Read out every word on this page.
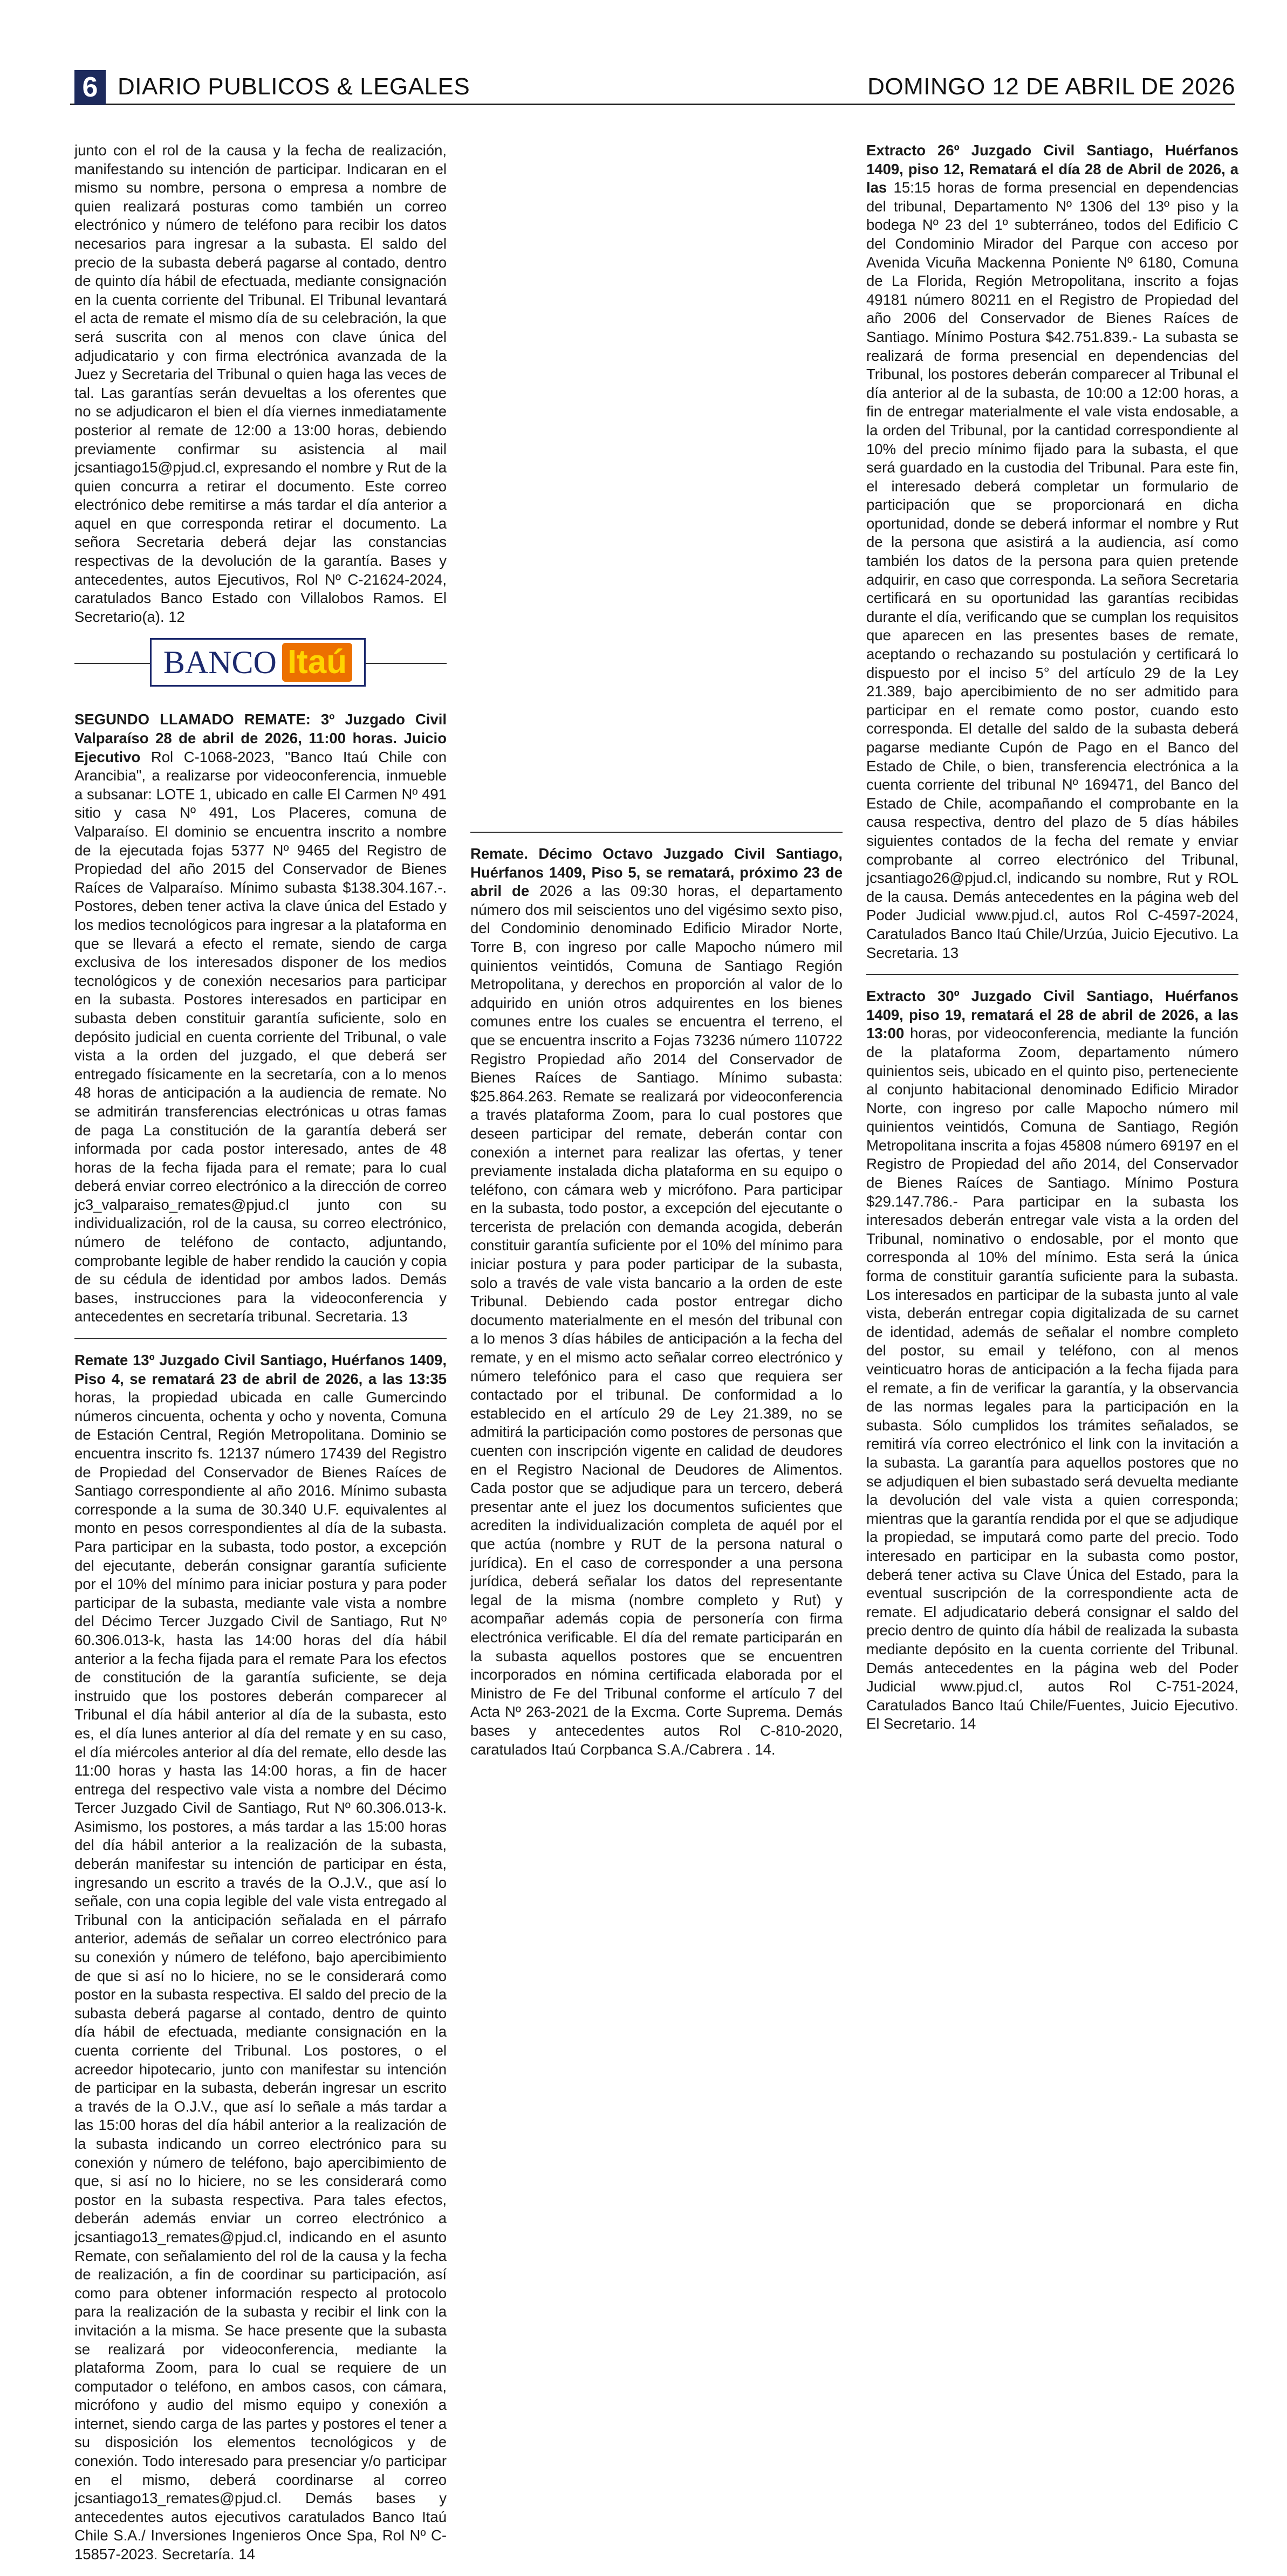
6 DIARIO PUBLICOS & LEGALES	DOMINGO 12 DE ABRIL DE 2026

junto con el rol de la causa y la fecha de realización, manifestando su intención de participar. Indicaran en el mismo su nombre, persona o empresa a nombre de quien realizará posturas como también un correo electrónico y número de teléfono para recibir los datos necesarios para ingresar a la subasta. El saldo del precio de la subasta deberá pagarse al contado, dentro de quinto día hábil de efectuada, mediante consignación en la cuenta corriente del Tribunal. El Tribunal levantará el acta de remate el mismo día de su celebración, la que será suscrita con al menos con clave única del adjudicatario y con firma electrónica avanzada de la Juez y Secretaria del Tribunal o quien haga las veces de tal. Las garantías serán devueltas a los oferentes que no se adjudicaron el bien el día viernes inmediatamente posterior al remate de 12:00 a 13:00 horas, debiendo previamente confirmar su asistencia al mail jcsantiago15@pjud.cl, expresando el nombre y Rut de la quien concurra a retirar el documento. Este correo electrónico debe remitirse a más tardar el día anterior a aquel en que corresponda retirar el documento. La señora Secretaria deberá dejar las constancias respectivas de la devolución de la garantía. Bases y antecedentes, autos Ejecutivos, Rol Nº C-21624-2024, caratulados Banco Estado con Villalobos Ramos. El Secretario(a). 12

BANCO Itaú

SEGUNDO LLAMADO REMATE: 3º Juzgado Civil Valparaíso 28 de abril de 2026, 11:00 horas. Juicio Ejecutivo Rol C-1068-2023, "Banco Itaú Chile con Arancibia", a realizarse por videoconferencia, inmueble a subsanar: LOTE 1, ubicado en calle El Carmen Nº 491 sitio y casa Nº 491, Los Placeres, comuna de Valparaíso. El dominio se encuentra inscrito a nombre de la ejecutada fojas 5377 Nº 9465 del Registro de Propiedad del año 2015 del Conservador de Bienes Raíces de Valparaíso. Mínimo subasta $138.304.167.-. Postores, deben tener activa la clave única del Estado y los medios tecnológicos para ingresar a la plataforma en que se llevará a efecto el remate, siendo de carga exclusiva de los interesados disponer de los medios tecnológicos y de conexión necesarios para participar en la subasta. Postores interesados en participar en subasta deben constituir garantía suficiente, solo en depósito judicial en cuenta corriente del Tribunal, o vale vista a la orden del juzgado, el que deberá ser entregado físicamente en la secretaría, con a lo menos 48 horas de anticipación a la audiencia de remate. No se admitirán transferencias electrónicas u otras famas de paga La constitución de la garantía deberá ser informada por cada postor interesado, antes de 48 horas de la fecha fijada para el remate; para lo cual deberá enviar correo electrónico a la dirección de correo jc3_valparaiso_remates@pjud.cl junto con su individualización, rol de la causa, su correo electrónico, número de teléfono de contacto, adjuntando, comprobante legible de haber rendido la caución y copia de su cédula de identidad por ambos lados. Demás bases, instrucciones para la videoconferencia y antecedentes en secretaría tribunal. Secretaria. 13

Remate 13º Juzgado Civil Santiago, Huérfanos 1409, Piso 4, se rematará 23 de abril de 2026, a las 13:35 horas, la propiedad ubicada en calle Gumercindo números cincuenta, ochenta y ocho y noventa, Comuna de Estación Central, Región Metropolitana. Dominio se encuentra inscrito fs. 12137 número 17439 del Registro de Propiedad del Conservador de Bienes Raíces de Santiago correspondiente al año 2016. Mínimo subasta corresponde a la suma de 30.340 U.F. equivalentes al monto en pesos correspondientes al día de la subasta. Para participar en la subasta, todo postor, a excepción del ejecutante, deberán consignar garantía suficiente por el 10% del mínimo para iniciar postura y para poder participar de la subasta, mediante vale vista a nombre del Décimo Tercer Juzgado Civil de Santiago, Rut Nº 60.306.013-k, hasta las 14:00 horas del día hábil anterior a la fecha fijada para el remate Para los efectos de constitución de la garantía suficiente, se deja instruido que los postores deberán comparecer al Tribunal el día hábil anterior al día de la subasta, esto es, el día lunes anterior al día del remate y en su caso, el día miércoles anterior al día del remate, ello desde las 11:00 horas y hasta las 14:00 horas, a fin de hacer entrega del respectivo vale vista a nombre del Décimo Tercer Juzgado Civil de Santiago, Rut Nº 60.306.013-k. Asimismo, los postores, a más tardar a las 15:00 horas del día hábil anterior a la realización de la subasta, deberán manifestar su intención de participar en ésta, ingresando un escrito a través de la O.J.V., que así lo señale, con una copia legible del vale vista entregado al Tribunal con la anticipación señalada en el párrafo anterior, además de señalar un correo electrónico para su conexión y número de teléfono, bajo apercibimiento de que si así no lo hiciere, no se le considerará como postor en la subasta respectiva. El saldo del precio de la subasta deberá pagarse al contado, dentro de quinto día hábil de efectuada, mediante consignación en la cuenta corriente del Tribunal. Los postores, o el acreedor hipotecario, junto con manifestar su intención de participar en la subasta, deberán ingresar un escrito a través de la O.J.V., que así lo señale a más tardar a las 15:00 horas del día hábil anterior a la realización de la subasta indicando un correo electrónico para su conexión y número de teléfono, bajo apercibimiento de que, si así no lo hiciere, no se les considerará como postor en la subasta respectiva. Para tales efectos, deberán además enviar un correo electrónico a jcsantiago13_remates@pjud.cl, indicando en el asunto Remate, con señalamiento del rol de la causa y la fecha de realización, a fin de coordinar su participación, así como para obtener información respecto al protocolo para la realización de la subasta y recibir el link con la invitación a la misma. Se hace presente que la subasta se realizará por videoconferencia, mediante la plataforma Zoom, para lo cual se requiere de un computador o teléfono, en ambos casos, con cámara, micrófono y audio del mismo equipo y conexión a internet, siendo carga de las partes y postores el tener a su disposición los elementos tecnológicos y de conexión. Todo interesado para presenciar y/o participar en el mismo, deberá coordinarse al correo jcsantiago13_remates@pjud.cl. Demás bases y antecedentes autos ejecutivos caratulados Banco Itaú Chile S.A./ Inversiones Ingenieros Once Spa, Rol Nº C-15857-2023. Secretaría. 14

Remate. Décimo Octavo Juzgado Civil Santiago, Huérfanos 1409, Piso 5, se rematará, próximo 23 de abril de 2026 a las 09:30 horas, el departamento número dos mil seiscientos uno del vigésimo sexto piso, del Condominio denominado Edificio Mirador Norte, Torre B, con ingreso por calle Mapocho número mil quinientos veintidós, Comuna de Santiago Región Metropolitana, y derechos en proporción al valor de lo adquirido en unión otros adquirentes en los bienes comunes entre los cuales se encuentra el terreno, el que se encuentra inscrito a Fojas 73236 número 110722 Registro Propiedad año 2014 del Conservador de Bienes Raíces de Santiago. Mínimo subasta: $25.864.263. Remate se realizará por videoconferencia a través plataforma Zoom, para lo cual postores que deseen participar del remate, deberán contar con conexión a internet para realizar las ofertas, y tener previamente instalada dicha plataforma en su equipo o teléfono, con cámara web y micrófono. Para participar en la subasta, todo postor, a excepción del ejecutante o tercerista de prelación con demanda acogida, deberán constituir garantía suficiente por el 10% del mínimo para iniciar postura y para poder participar de la subasta, solo a través de vale vista bancario a la orden de este Tribunal. Debiendo cada postor entregar dicho documento materialmente en el mesón del tribunal con a lo menos 3 días hábiles de anticipación a la fecha del remate, y en el mismo acto señalar correo electrónico y número telefónico para el caso que requiera ser contactado por el tribunal. De conformidad a lo establecido en el artículo 29 de Ley 21.389, no se admitirá la participación como postores de personas que cuenten con inscripción vigente en calidad de deudores en el Registro Nacional de Deudores de Alimentos. Cada postor que se adjudique para un tercero, deberá presentar ante el juez los documentos suficientes que acrediten la individualización completa de aquél por el que actúa (nombre y RUT de la persona natural o jurídica). En el caso de corresponder a una persona jurídica, deberá señalar los datos del representante legal de la misma (nombre completo y Rut) y acompañar además copia de personería con firma electrónica verificable. El día del remate participarán en la subasta aquellos postores que se encuentren incorporados en nómina certificada elaborada por el Ministro de Fe del Tribunal conforme el artículo 7 del Acta Nº 263-2021 de la Excma. Corte Suprema. Demás bases y antecedentes autos Rol C-810-2020, caratulados Itaú Corpbanca S.A./Cabrera . 14.

Extracto 26º Juzgado Civil Santiago, Huérfanos 1409, piso 12, Rematará el día 28 de Abril de 2026, a las 15:15 horas de forma presencial en dependencias del tribunal, Departamento Nº 1306 del 13º piso y la bodega Nº 23 del 1º subterráneo, todos del Edificio C del Condominio Mirador del Parque con acceso por Avenida Vicuña Mackenna Poniente Nº 6180, Comuna de La Florida, Región Metropolitana, inscrito a fojas 49181 número 80211 en el Registro de Propiedad del año 2006 del Conservador de Bienes Raíces de Santiago. Mínimo Postura $42.751.839.- La subasta se realizará de forma presencial en dependencias del Tribunal, los postores deberán comparecer al Tribunal el día anterior al de la subasta, de 10:00 a 12:00 horas, a fin de entregar materialmente el vale vista endosable, a la orden del Tribunal, por la cantidad correspondiente al 10% del precio mínimo fijado para la subasta, el que será guardado en la custodia del Tribunal. Para este fin, el interesado deberá completar un formulario de participación que se proporcionará en dicha oportunidad, donde se deberá informar el nombre y Rut de la persona que asistirá a la audiencia, así como también los datos de la persona para quien pretende adquirir, en caso que corresponda. La señora Secretaria certificará en su oportunidad las garantías recibidas durante el día, verificando que se cumplan los requisitos que aparecen en las presentes bases de remate, aceptando o rechazando su postulación y certificará lo dispuesto por el inciso 5° del artículo 29 de la Ley 21.389, bajo apercibimiento de no ser admitido para participar en el remate como postor, cuando esto corresponda. El detalle del saldo de la subasta deberá pagarse mediante Cupón de Pago en el Banco del Estado de Chile, o bien, transferencia electrónica a la cuenta corriente del tribunal Nº 169471, del Banco del Estado de Chile, acompañando el comprobante en la causa respectiva, dentro del plazo de 5 días hábiles siguientes contados de la fecha del remate y enviar comprobante al correo electrónico del Tribunal, jcsantiago26@pjud.cl, indicando su nombre, Rut y ROL de la causa. Demás antecedentes en la página web del Poder Judicial www.pjud.cl, autos Rol C-4597-2024, Caratulados Banco Itaú Chile/Urzúa, Juicio Ejecutivo. La Secretaria. 13

Extracto 30º Juzgado Civil Santiago, Huérfanos 1409, piso 19, rematará el 28 de abril de 2026, a las 13:00 horas, por videoconferencia, mediante la función de la plataforma Zoom, departamento número quinientos seis, ubicado en el quinto piso, perteneciente al conjunto habitacional denominado Edificio Mirador Norte, con ingreso por calle Mapocho número mil quinientos veintidós, Comuna de Santiago, Región Metropolitana inscrita a fojas 45808 número 69197 en el Registro de Propiedad del año 2014, del Conservador de Bienes Raíces de Santiago. Mínimo Postura $29.147.786.- Para participar en la subasta los interesados deberán entregar vale vista a la orden del Tribunal, nominativo o endosable, por el monto que corresponda al 10% del mínimo. Esta será la única forma de constituir garantía suficiente para la subasta. Los interesados en participar de la subasta junto al vale vista, deberán entregar copia digitalizada de su carnet de identidad, además de señalar el nombre completo del postor, su email y teléfono, con al menos veinticuatro horas de anticipación a la fecha fijada para el remate, a fin de verificar la garantía, y la observancia de las normas legales para la participación en la subasta. Sólo cumplidos los trámites señalados, se remitirá vía correo electrónico el link con la invitación a la subasta. La garantía para aquellos postores que no se adjudiquen el bien subastado será devuelta mediante la devolución del vale vista a quien corresponda; mientras que la garantía rendida por el que se adjudique la propiedad, se imputará como parte del precio. Todo interesado en participar en la subasta como postor, deberá tener activa su Clave Única del Estado, para la eventual suscripción de la correspondiente acta de remate. El adjudicatario deberá consignar el saldo del precio dentro de quinto día hábil de realizada la subasta mediante depósito en la cuenta corriente del Tribunal. Demás antecedentes en la página web del Poder Judicial www.pjud.cl, autos Rol C-751-2024, Caratulados Banco Itaú Chile/Fuentes, Juicio Ejecutivo. El Secretario. 14
